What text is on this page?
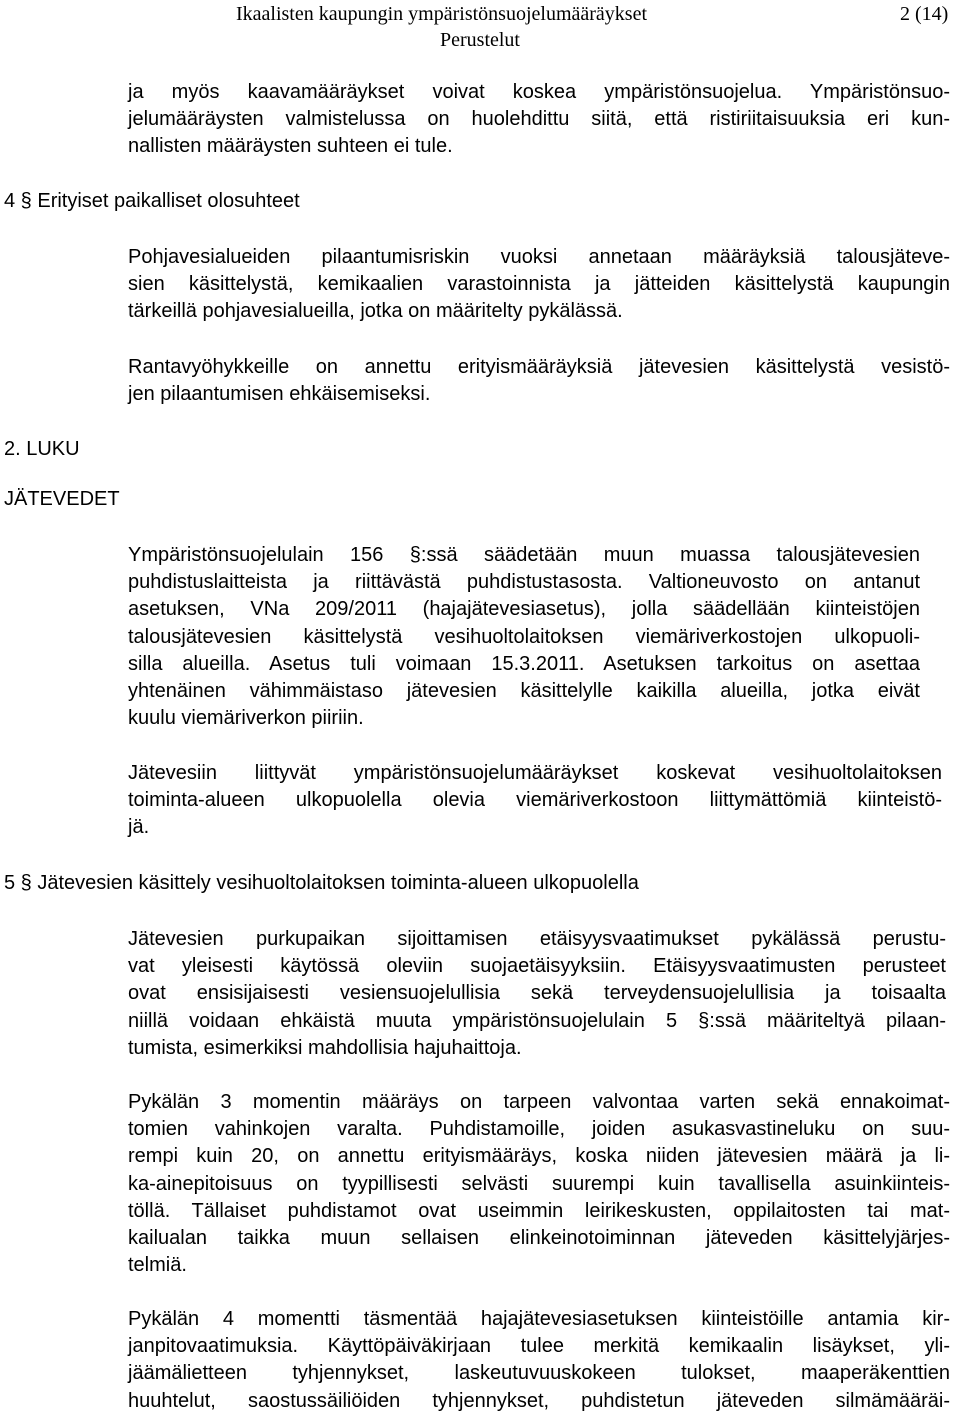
Ikaalisten kaupungin ympäristönsuojelumääräykset	2 (14)
Perustelut
ja myös kaavamääräykset voivat koskea ympäristönsuojelua. Ympäristönsuo-
jelumääräysten valmistelussa on huolehdittu siitä, että ristiriitaisuuksia eri kun-
nallisten määräysten suhteen ei tule.
4 § Erityiset paikalliset olosuhteet
Pohjavesialueiden pilaantumisriskin vuoksi annetaan määräyksiä talousjäteve-
sien käsittelystä, kemikaalien varastoinnista ja jätteiden käsittelystä kaupungin
tärkeillä pohjavesialueilla, jotka on määritelty pykälässä.
Rantavyöhykkeille on annettu erityismääräyksiä jätevesien käsittelystä vesistö-
jen pilaantumisen ehkäisemiseksi.
2. LUKU
JÄTEVEDET
Ympäristönsuojelulain 156 §:ssä säädetään muun muassa talousjätevesien
puhdistuslaitteista ja riittävästä puhdistustasosta. Valtioneuvosto on antanut
asetuksen, VNa 209/2011 (hajajätevesiasetus), jolla säädellään kiinteistöjen
talousjätevesien käsittelystä vesihuoltolaitoksen viemäriverkostojen ulkopuoli-
silla alueilla. Asetus tuli voimaan 15.3.2011. Asetuksen tarkoitus on asettaa
yhtenäinen vähimmäistaso jätevesien käsittelylle kaikilla alueilla, jotka eivät
kuulu viemäriverkon piiriin.
Jätevesiin liittyvät ympäristönsuojelumääräykset koskevat vesihuoltolaitoksen
toiminta-alueen ulkopuolella olevia viemäriverkostoon liittymättömiä kiinteistö-
jä.
5 § Jätevesien käsittely vesihuoltolaitoksen toiminta-alueen ulkopuolella
Jätevesien purkupaikan sijoittamisen etäisyysvaatimukset pykälässä perustu-
vat yleisesti käytössä oleviin suojaetäisyyksiin. Etäisyysvaatimusten perusteet
ovat ensisijaisesti vesiensuojelullisia sekä terveydensuojelullisia ja toisaalta
niillä voidaan ehkäistä muuta ympäristönsuojelulain 5 §:ssä määriteltyä pilaan-
tumista, esimerkiksi mahdollisia hajuhaittoja.
Pykälän 3 momentin määräys on tarpeen valvontaa varten sekä ennakoimat-
tomien vahinkojen varalta. Puhdistamoille, joiden asukasvastineluku on suu-
rempi kuin 20, on annettu erityismääräys, koska niiden jätevesien määrä ja li-
ka-ainepitoisuus on tyypillisesti selvästi suurempi kuin tavallisella asuinkiinteis-
töllä. Tällaiset puhdistamot ovat useimmin leirikeskusten, oppilaitosten tai mat-
kailualan taikka muun sellaisen elinkeinotoiminnan jäteveden käsittelyjärjes-
telmiä.
Pykälän 4 momentti täsmentää hajajätevesiasetuksen kiinteistöille antamia kir-
janpitovaatimuksia. Käyttöpäiväkirjaan tulee merkitä kemikaalin lisäykset, yli-
jäämälietteen tyhjennykset, laskeutuvuuskokeen tulokset, maaperäkenttien
huuhtelut, saostussäiliöiden tyhjennykset, puhdistetun jäteveden silmämääräi-
